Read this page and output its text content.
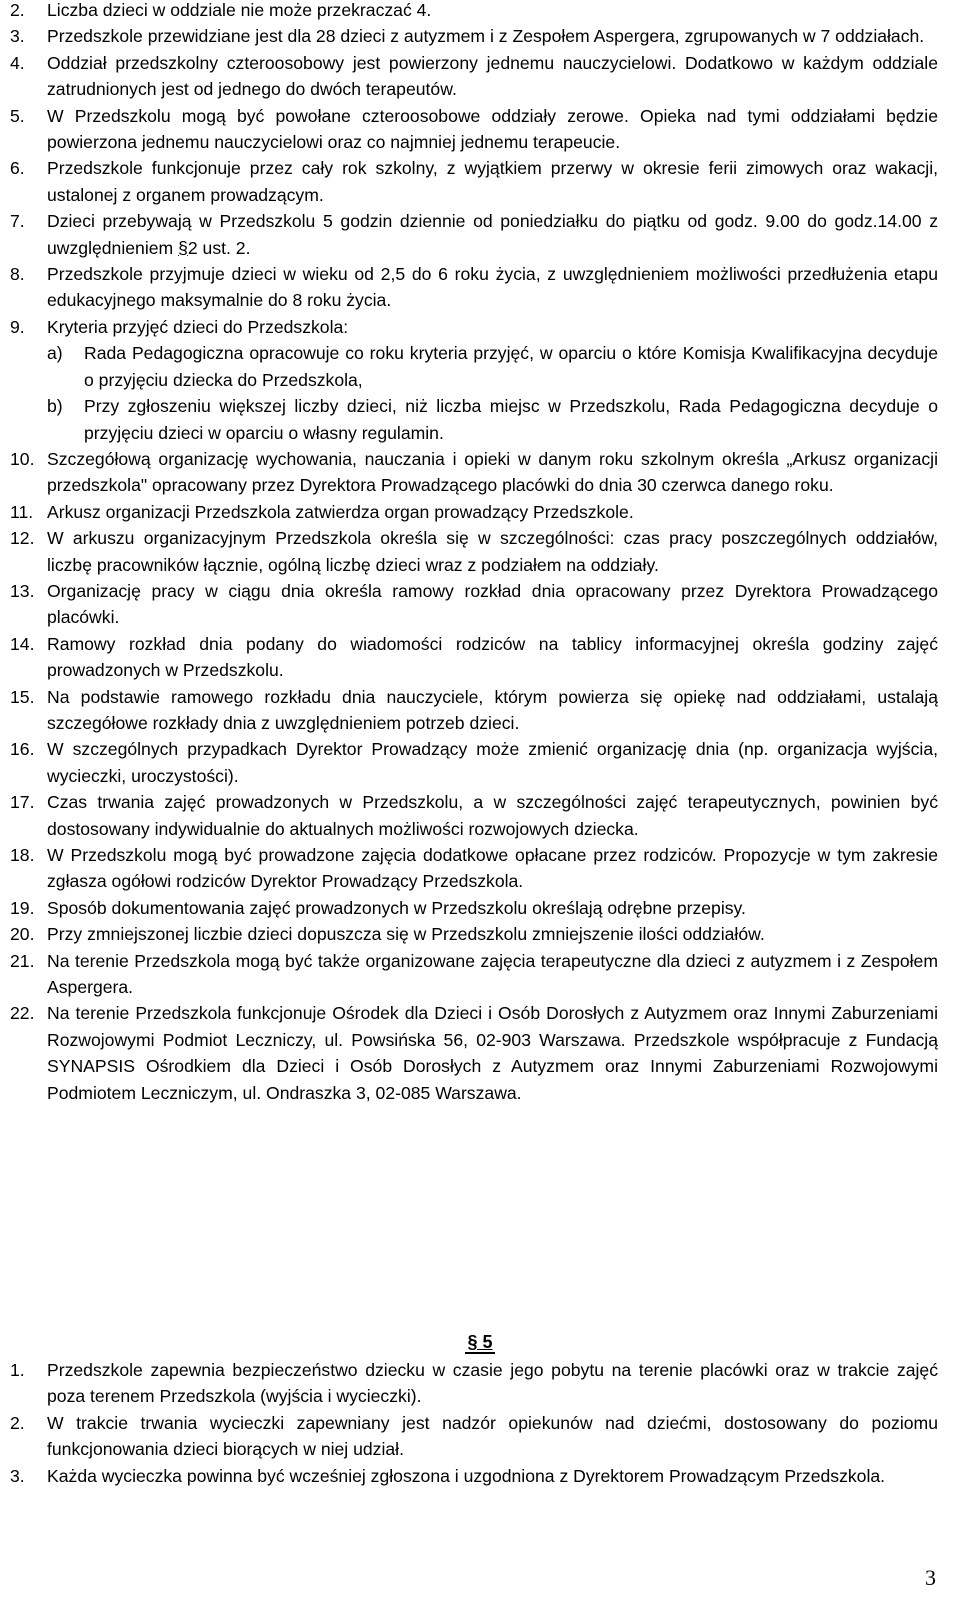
2.	Liczba dzieci w oddziale nie może przekraczać 4.
3.	Przedszkole przewidziane jest dla 28 dzieci z autyzmem i z Zespołem Aspergera, zgrupowanych w 7 oddziałach.
4.	Oddział przedszkolny czteroosobowy jest powierzony jednemu nauczycielowi. Dodatkowo w każdym oddziale zatrudnionych jest od jednego do dwóch terapeutów.
5.	W Przedszkolu mogą być powołane czteroosobowe oddziały zerowe. Opieka nad tymi oddziałami będzie powierzona jednemu nauczycielowi oraz co najmniej jednemu terapeucie.
6.	Przedszkole funkcjonuje przez cały rok szkolny, z wyjątkiem przerwy w okresie ferii zimowych oraz wakacji, ustalonej z organem prowadzącym.
7.	Dzieci przebywają w Przedszkolu 5 godzin dziennie od poniedziałku do piątku od godz. 9.00 do godz.14.00 z uwzględnieniem §2 ust. 2.
8.	Przedszkole przyjmuje dzieci w wieku od 2,5 do 6 roku życia, z uwzględnieniem możliwości przedłużenia etapu edukacyjnego maksymalnie do 8 roku życia.
9.	Kryteria przyjęć dzieci do Przedszkola:
a)	Rada Pedagogiczna opracowuje co roku kryteria przyjęć, w oparciu o które Komisja Kwalifikacyjna decyduje o przyjęciu dziecka do Przedszkola,
b)	Przy zgłoszeniu większej liczby dzieci, niż liczba miejsc w Przedszkolu, Rada Pedagogiczna decyduje o przyjęciu dzieci w oparciu o własny regulamin.
10. Szczegółową organizację wychowania, nauczania i opieki w danym roku szkolnym określa „Arkusz organizacji przedszkola" opracowany przez Dyrektora Prowadzącego placówki do dnia 30 czerwca danego roku.
11. Arkusz organizacji Przedszkola zatwierdza organ prowadzący Przedszkole.
12. W arkuszu organizacyjnym Przedszkola określa się w szczególności: czas pracy poszczególnych oddziałów, liczbę pracowników łącznie, ogólną liczbę dzieci wraz z podziałem na oddziały.
13. Organizację pracy w ciągu dnia określa ramowy rozkład dnia opracowany przez Dyrektora Prowadzącego placówki.
14. Ramowy rozkład dnia podany do wiadomości rodziców na tablicy informacyjnej określa godziny zajęć prowadzonych w Przedszkolu.
15. Na podstawie ramowego rozkładu dnia nauczyciele, którym powierza się opiekę nad oddziałami, ustalają szczegółowe rozkłady dnia z uwzględnieniem potrzeb dzieci.
16. W szczególnych przypadkach Dyrektor Prowadzący może zmienić organizację dnia (np. organizacja wyjścia, wycieczki, uroczystości).
17. Czas trwania zajęć prowadzonych w Przedszkolu, a w szczególności zajęć terapeutycznych, powinien być dostosowany indywidualnie do aktualnych możliwości rozwojowych dziecka.
18. W Przedszkolu mogą być prowadzone zajęcia dodatkowe opłacane przez rodziców. Propozycje w tym zakresie zgłasza ogółowi rodziców Dyrektor Prowadzący Przedszkola.
19. Sposób dokumentowania zajęć prowadzonych w Przedszkolu określają odrębne przepisy.
20. Przy zmniejszonej liczbie dzieci dopuszcza się w Przedszkolu zmniejszenie ilości oddziałów.
21. Na terenie Przedszkola mogą być także organizowane zajęcia terapeutyczne dla dzieci z autyzmem i z Zespołem Aspergera.
22. Na terenie Przedszkola funkcjonuje Ośrodek dla Dzieci i Osób Dorosłych z Autyzmem oraz Innymi Zaburzeniami Rozwojowymi Podmiot Leczniczy, ul. Powsińska 56, 02-903 Warszawa. Przedszkole współpracuje z Fundacją SYNAPSIS Ośrodkiem dla Dzieci i Osób Dorosłych z Autyzmem oraz Innymi Zaburzeniami Rozwojowymi Podmiotem Leczniczym, ul. Ondraszka 3, 02-085 Warszawa.
§ 5
1.	Przedszkole zapewnia bezpieczeństwo dziecku w czasie jego pobytu na terenie placówki oraz w trakcie zajęć poza terenem Przedszkola (wyjścia i wycieczki).
2.	W trakcie trwania wycieczki zapewniany jest nadzór opiekunów nad dziećmi, dostosowany do poziomu funkcjonowania dzieci biorących w niej udział.
3.	Każda wycieczka powinna być wcześniej zgłoszona i uzgodniona z Dyrektorem Prowadzącym Przedszkola.
3
